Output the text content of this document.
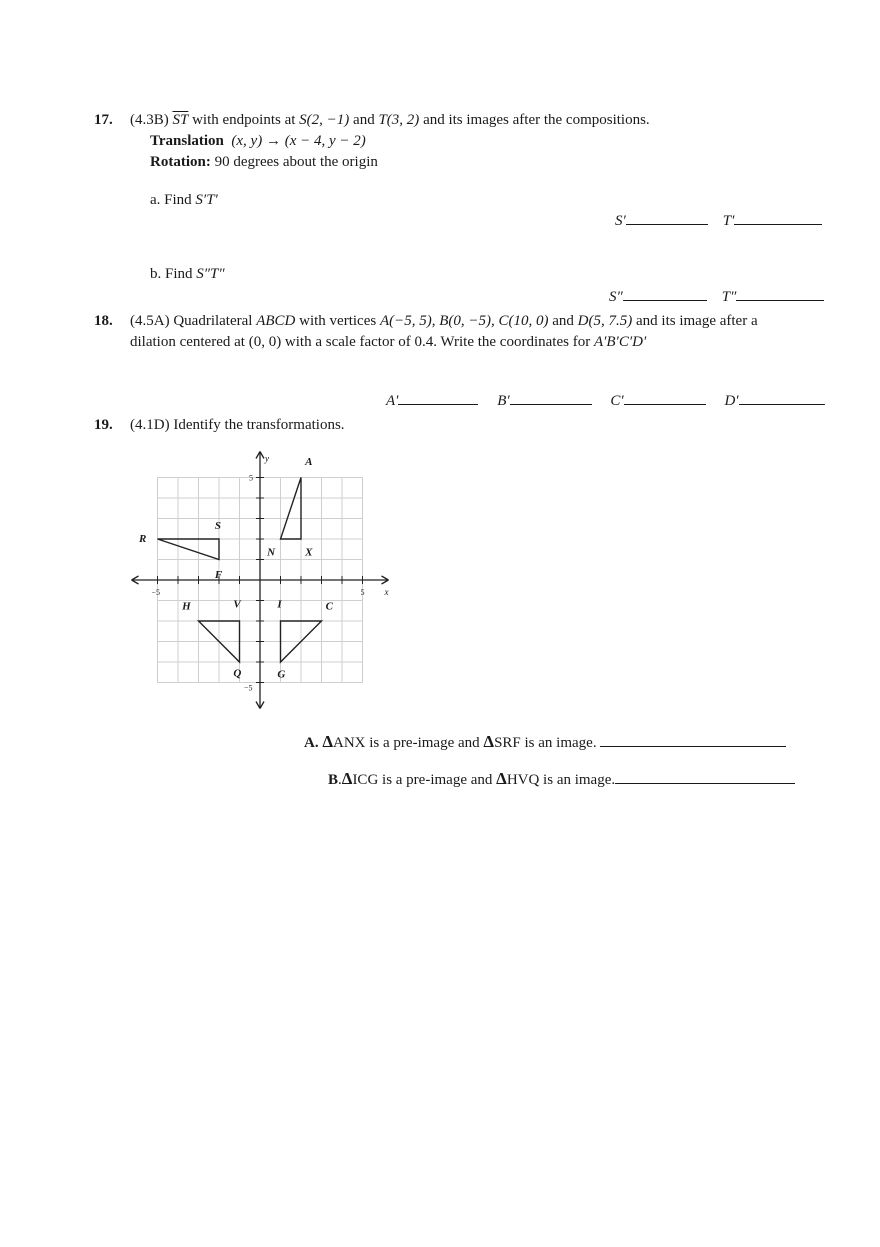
17. (4.3B) $\overline{ST}$ with endpoints at S(2, −1) and T(3, 2) and its images after the compositions.
Translation (x, y) → (x − 4, y − 2)
Rotation: 90 degrees about the origin
a. Find S′T′
S′	T′
b. Find S″T″
S″	T″
18. (4.5A) Quadrilateral ABCD with vertices A(−5, 5), B(0, −5), C(10, 0) and D(5, 7.5) and its image after a
dilation centered at (0, 0) with a scale factor of 0.4. Write the coordinates for A′B′C′D′
A′	B′	C′	D′
19. (4.1D) Identify the transformations.
−5	5
5
−5
x
y	A
N	X
S
R
F
H	V
Q
I	C
G
A. ΔANX is a pre-image and ΔSRF is an image.
B.ΔICG is a pre-image and ΔHVQ is an image.
